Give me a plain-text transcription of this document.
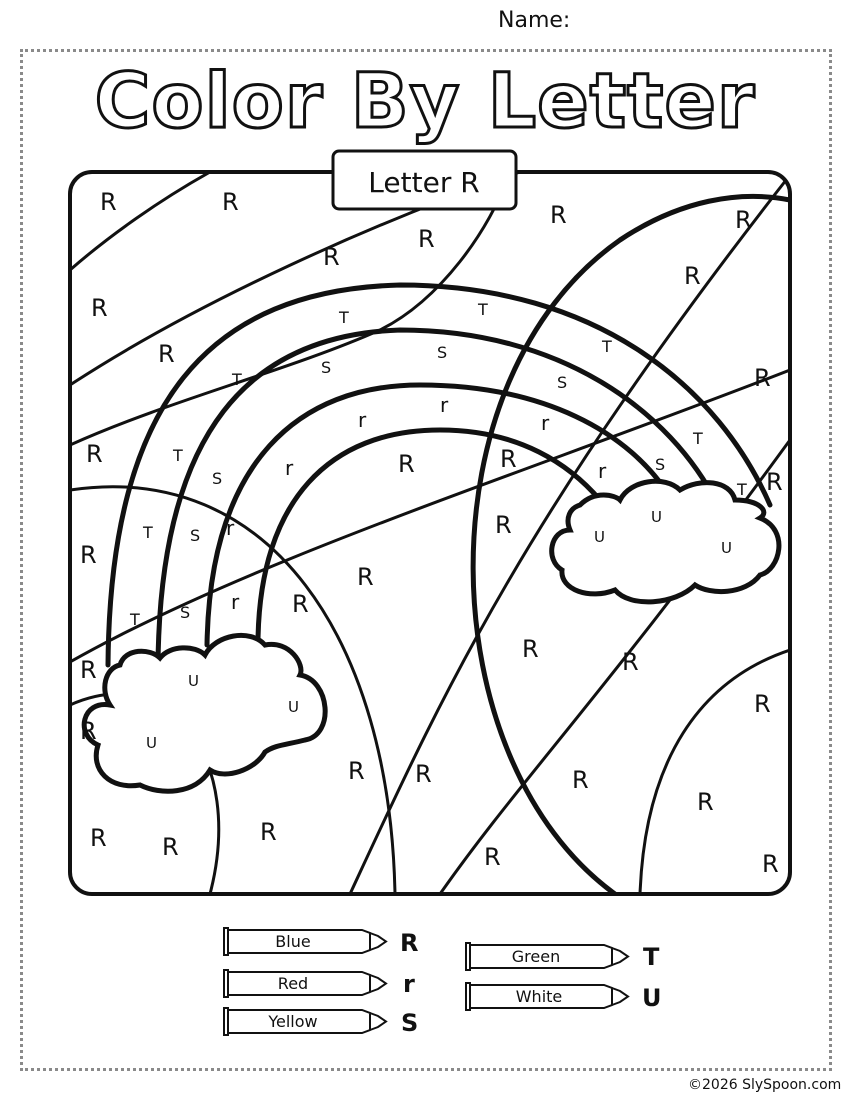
Name:
Color By Letter
Letter R
R	R
R
R
R	R
R
R
R
R
R	R	R
R
R
R
R
R
R	R
R
R
R
R R	R
R
R
R R	R	R
r
r
r
r	r
r
r
S
S
S
S
S
S
S
T	T
T
T
T
T
T
T
T
U
U
U
U
U
U
Blue	R
Red	r
Yellow	S
Green	T
White	U
©2026 SlySpoon.com
